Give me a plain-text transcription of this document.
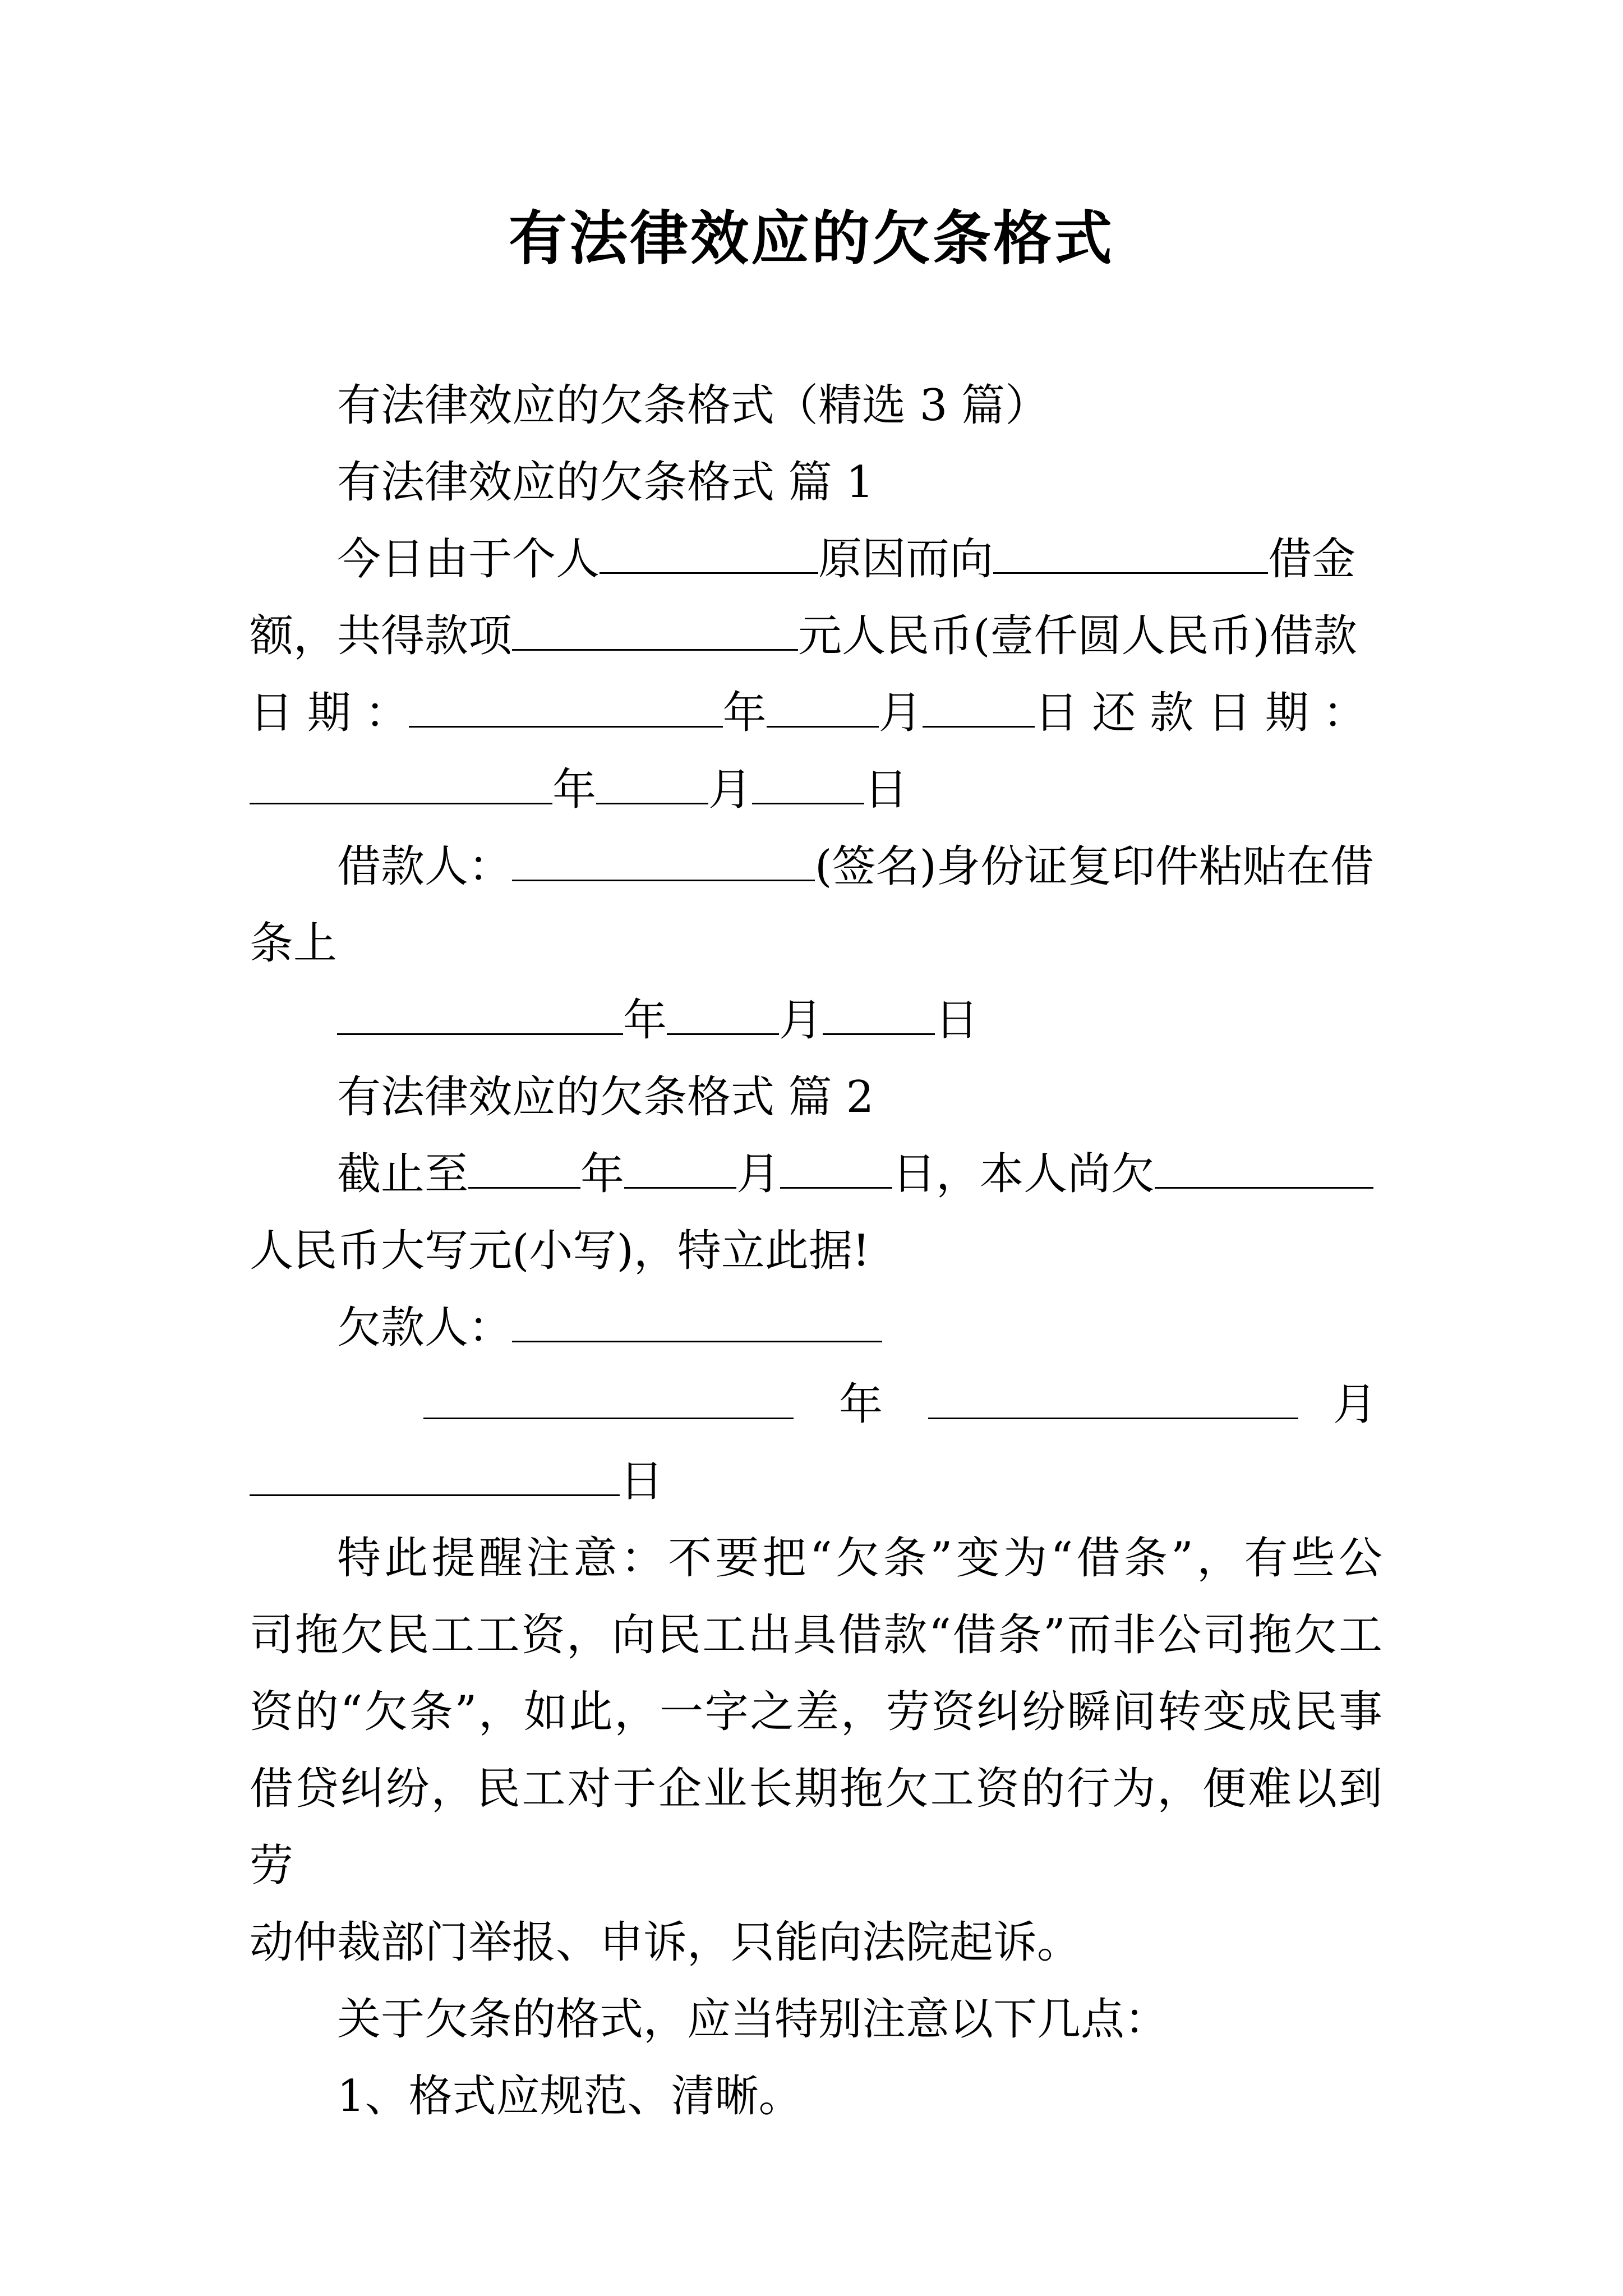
有法律效应的欠条格式

有法律效应的欠条格式（精选 3 篇）

有法律效应的欠条格式 篇 1

今日由于个人	原因而向	借金

额，共得款项	元人民币(壹仟圆人民币)借款

日 期 ：	年	月	日 还 款 日 期 ：

年	月	日

借款人：	(签名)身份证复印件粘贴在借

条上

年	月	日

有法律效应的欠条格式 篇 2

截止至	年	月	日，本人尚欠

人民币大写元(小写)，特立此据!

欠款人：

年	月

日

特此提醒注意：不要把“欠条”变为“借条”，有些公

司拖欠民工工资，向民工出具借款“借条”而非公司拖欠工

资的“欠条”，如此，一字之差，劳资纠纷瞬间转变成民事

借贷纠纷，民工对于企业长期拖欠工资的行为，便难以到劳

动仲裁部门举报、申诉，只能向法院起诉。

关于欠条的格式，应当特别注意以下几点：

1、格式应规范、清晰。
